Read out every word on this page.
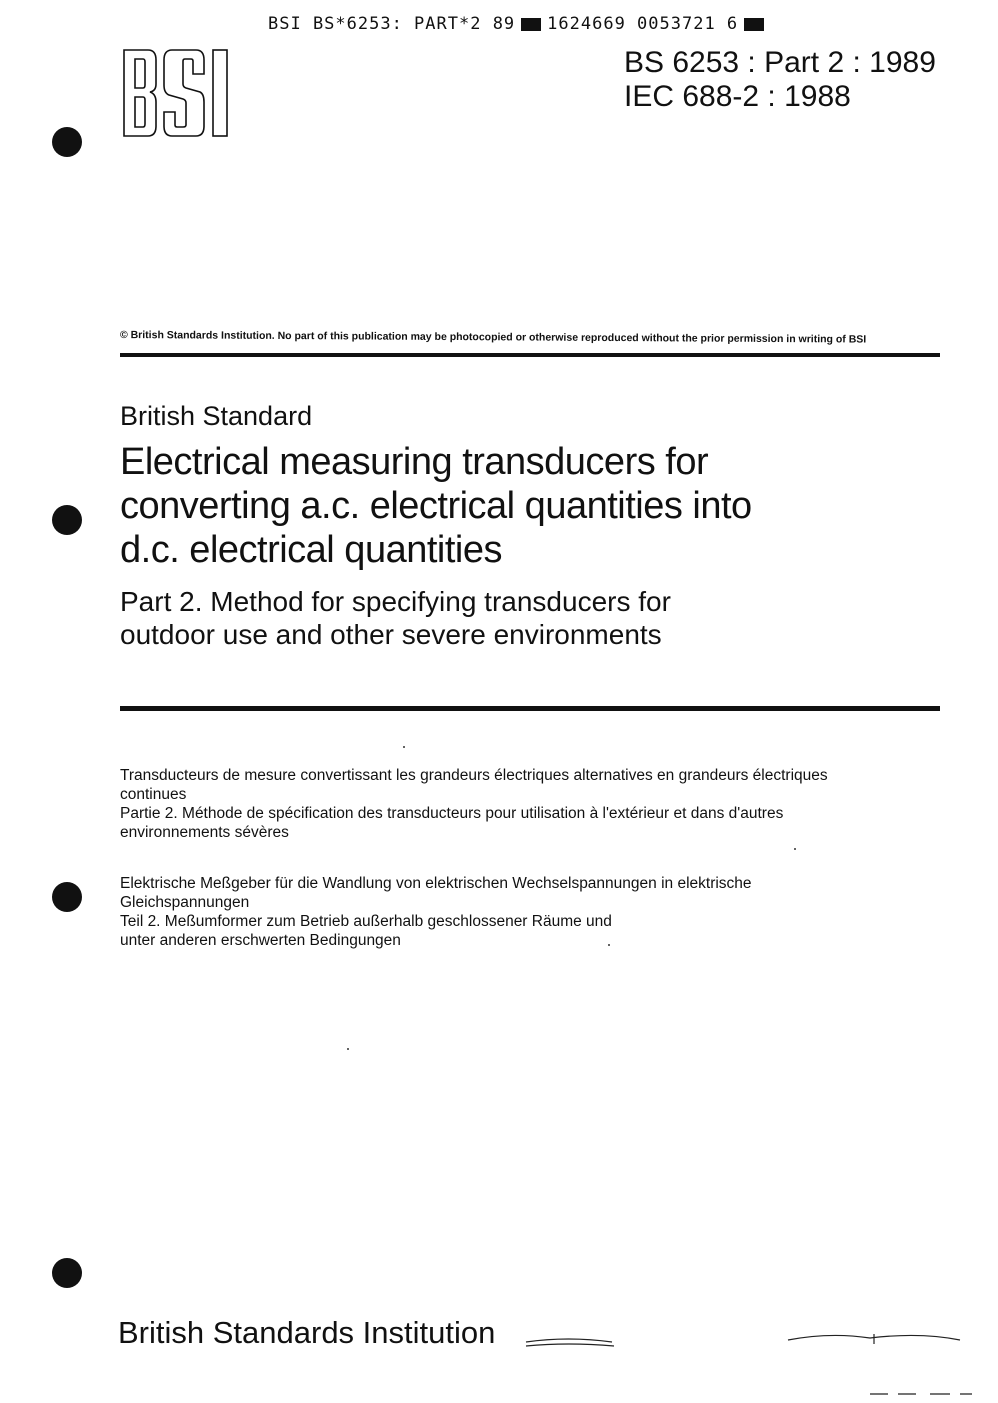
BSI BS*6253: PART*2 89 1624669 0053721 6
BS 6253 : Part 2 : 1989
IEC 688-2 : 1988
© British Standards Institution. No part of this publication may be photocopied or otherwise reproduced without the prior permission in writing of BSI
British Standard
Electrical measuring transducers for
converting a.c. electrical quantities into
d.c. electrical quantities
Part 2. Method for specifying transducers for
outdoor use and other severe environments
Transducteurs de mesure convertissant les grandeurs électriques alternatives en grandeurs électriques
continues
Partie 2. Méthode de spécification des transducteurs pour utilisation à l'extérieur et dans d'autres
environnements sévères
Elektrische Meßgeber für die Wandlung von elektrischen Wechselspannungen in elektrische
Gleichspannungen
Teil 2. Meßumformer zum Betrieb außerhalb geschlossener Räume und
unter anderen erschwerten Bedingungen
British Standards Institution
